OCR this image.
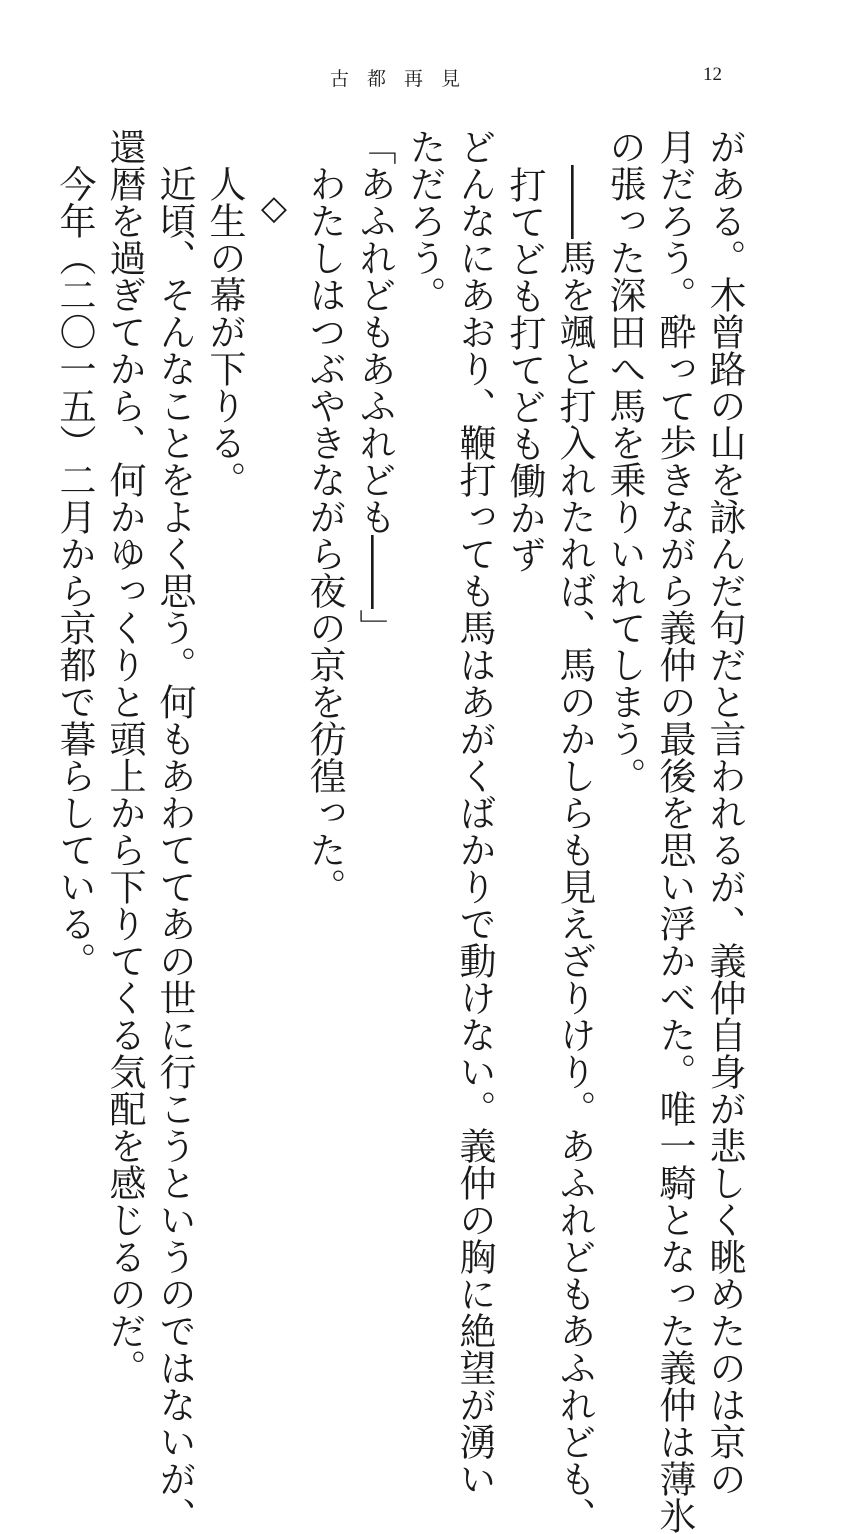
古都再見	12
がある。木曾路の山を詠んだ句だと言われるが、義仲自身が悲しく眺めたのは京の
月だろう。酔って歩きながら義仲の最後を思い浮かべた。唯一騎となった義仲は薄氷
の張った深田へ馬を乗りいれてしまう。
　――馬を颯と打入れたれば、馬のかしらも見えざりけり。あふれどもあふれども、
打てども打てども働かず
どんなにあおり、鞭打っても馬はあがくばかりで動けない。義仲の胸に絶望が湧い
ただろう。
「あふれどもあふれども――」
　わたしはつぶやきながら夜の京を彷徨った。
◇
　人生の幕が下りる。
　近頃、そんなことをよく思う。何もあわててあの世に行こうというのではないが、
還暦を過ぎてから、何かゆっくりと頭上から下りてくる気配を感じるのだ。
　今年（二〇一五）二月から京都で暮らしている。
